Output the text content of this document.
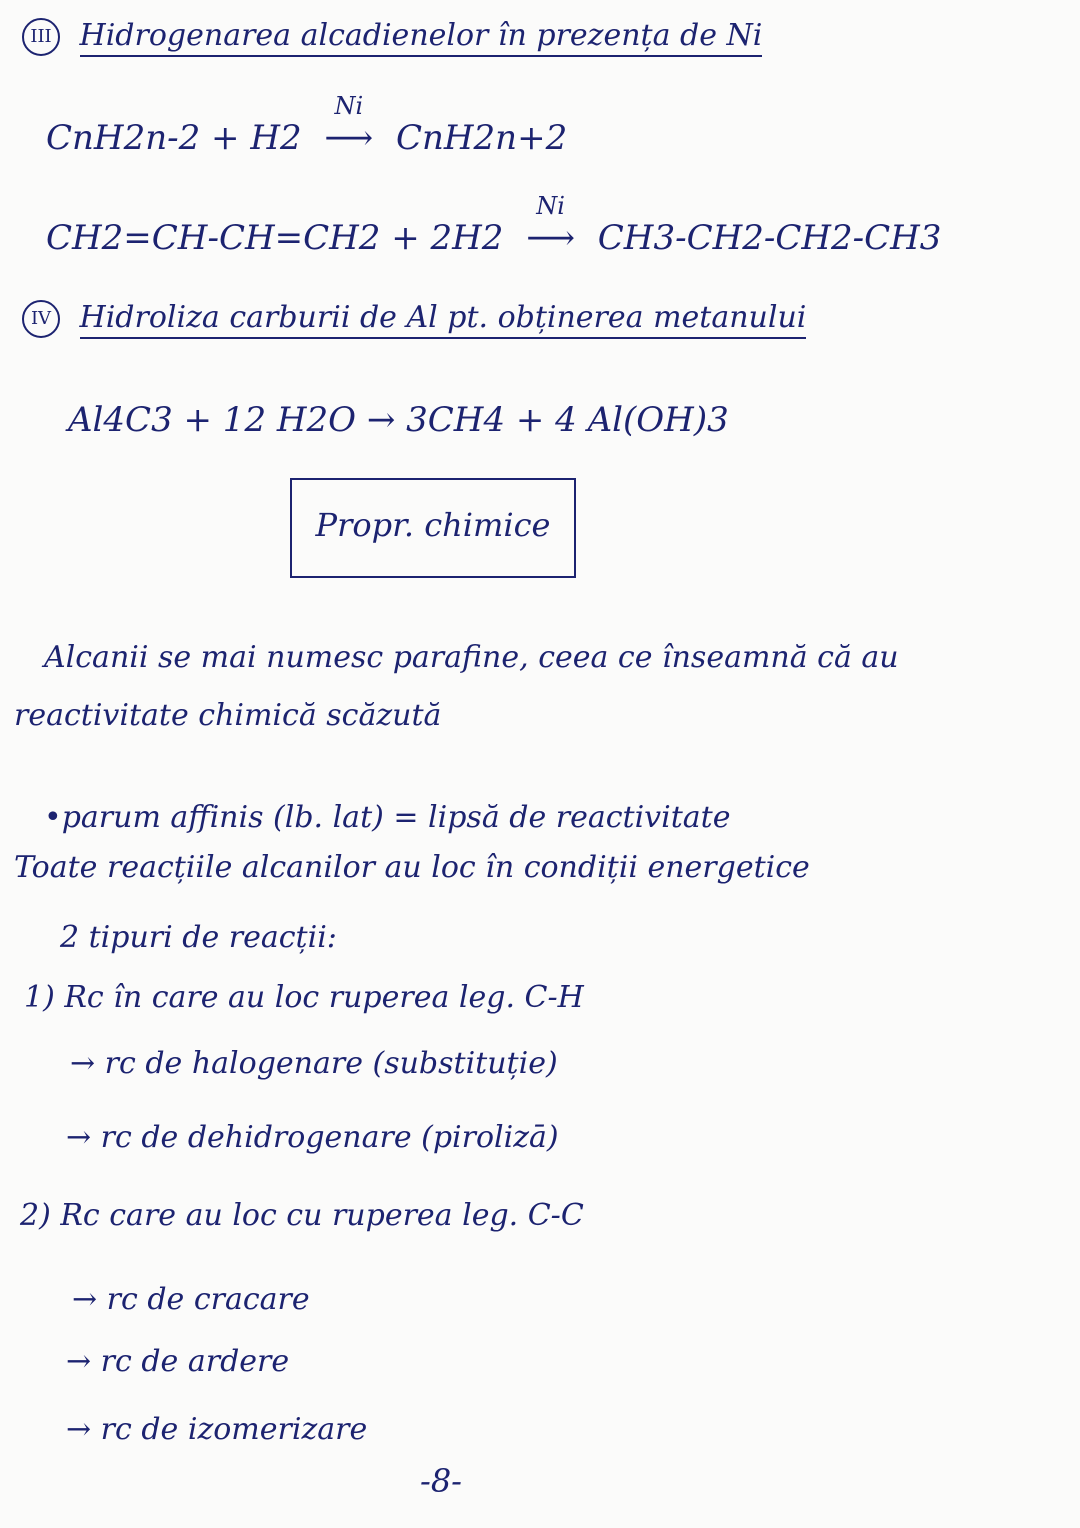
III Hidrogenarea alcadienelor în prezența de Ni
CnH2n-2 + H2
Ni
⟶ CnH2n+2
CH2=CH-CH=CH2 + 2H2
Ni
⟶ CH3-CH2-CH2-CH3
IV Hidroliza carburii de Al pt. obținerea metanului
Al4C3 + 12 H2O → 3CH4 + 4 Al(OH)3
Propr. chimice
Alcanii se mai numesc parafine, ceea ce înseamnă că au
reactivitate chimică scăzută
•parum affinis (lb. lat) = lipsă de reactivitate
Toate reacțiile alcanilor au loc în condiții energetice
2 tipuri de reacții:
1) Rc în care au loc ruperea leg. C-H
→ rc de halogenare (substituție)
→ rc de dehidrogenare (pirolizā)
2) Rc care au loc cu ruperea leg. C-C
→ rc de cracare
→ rc de ardere
→ rc de izomerizare
-8-
